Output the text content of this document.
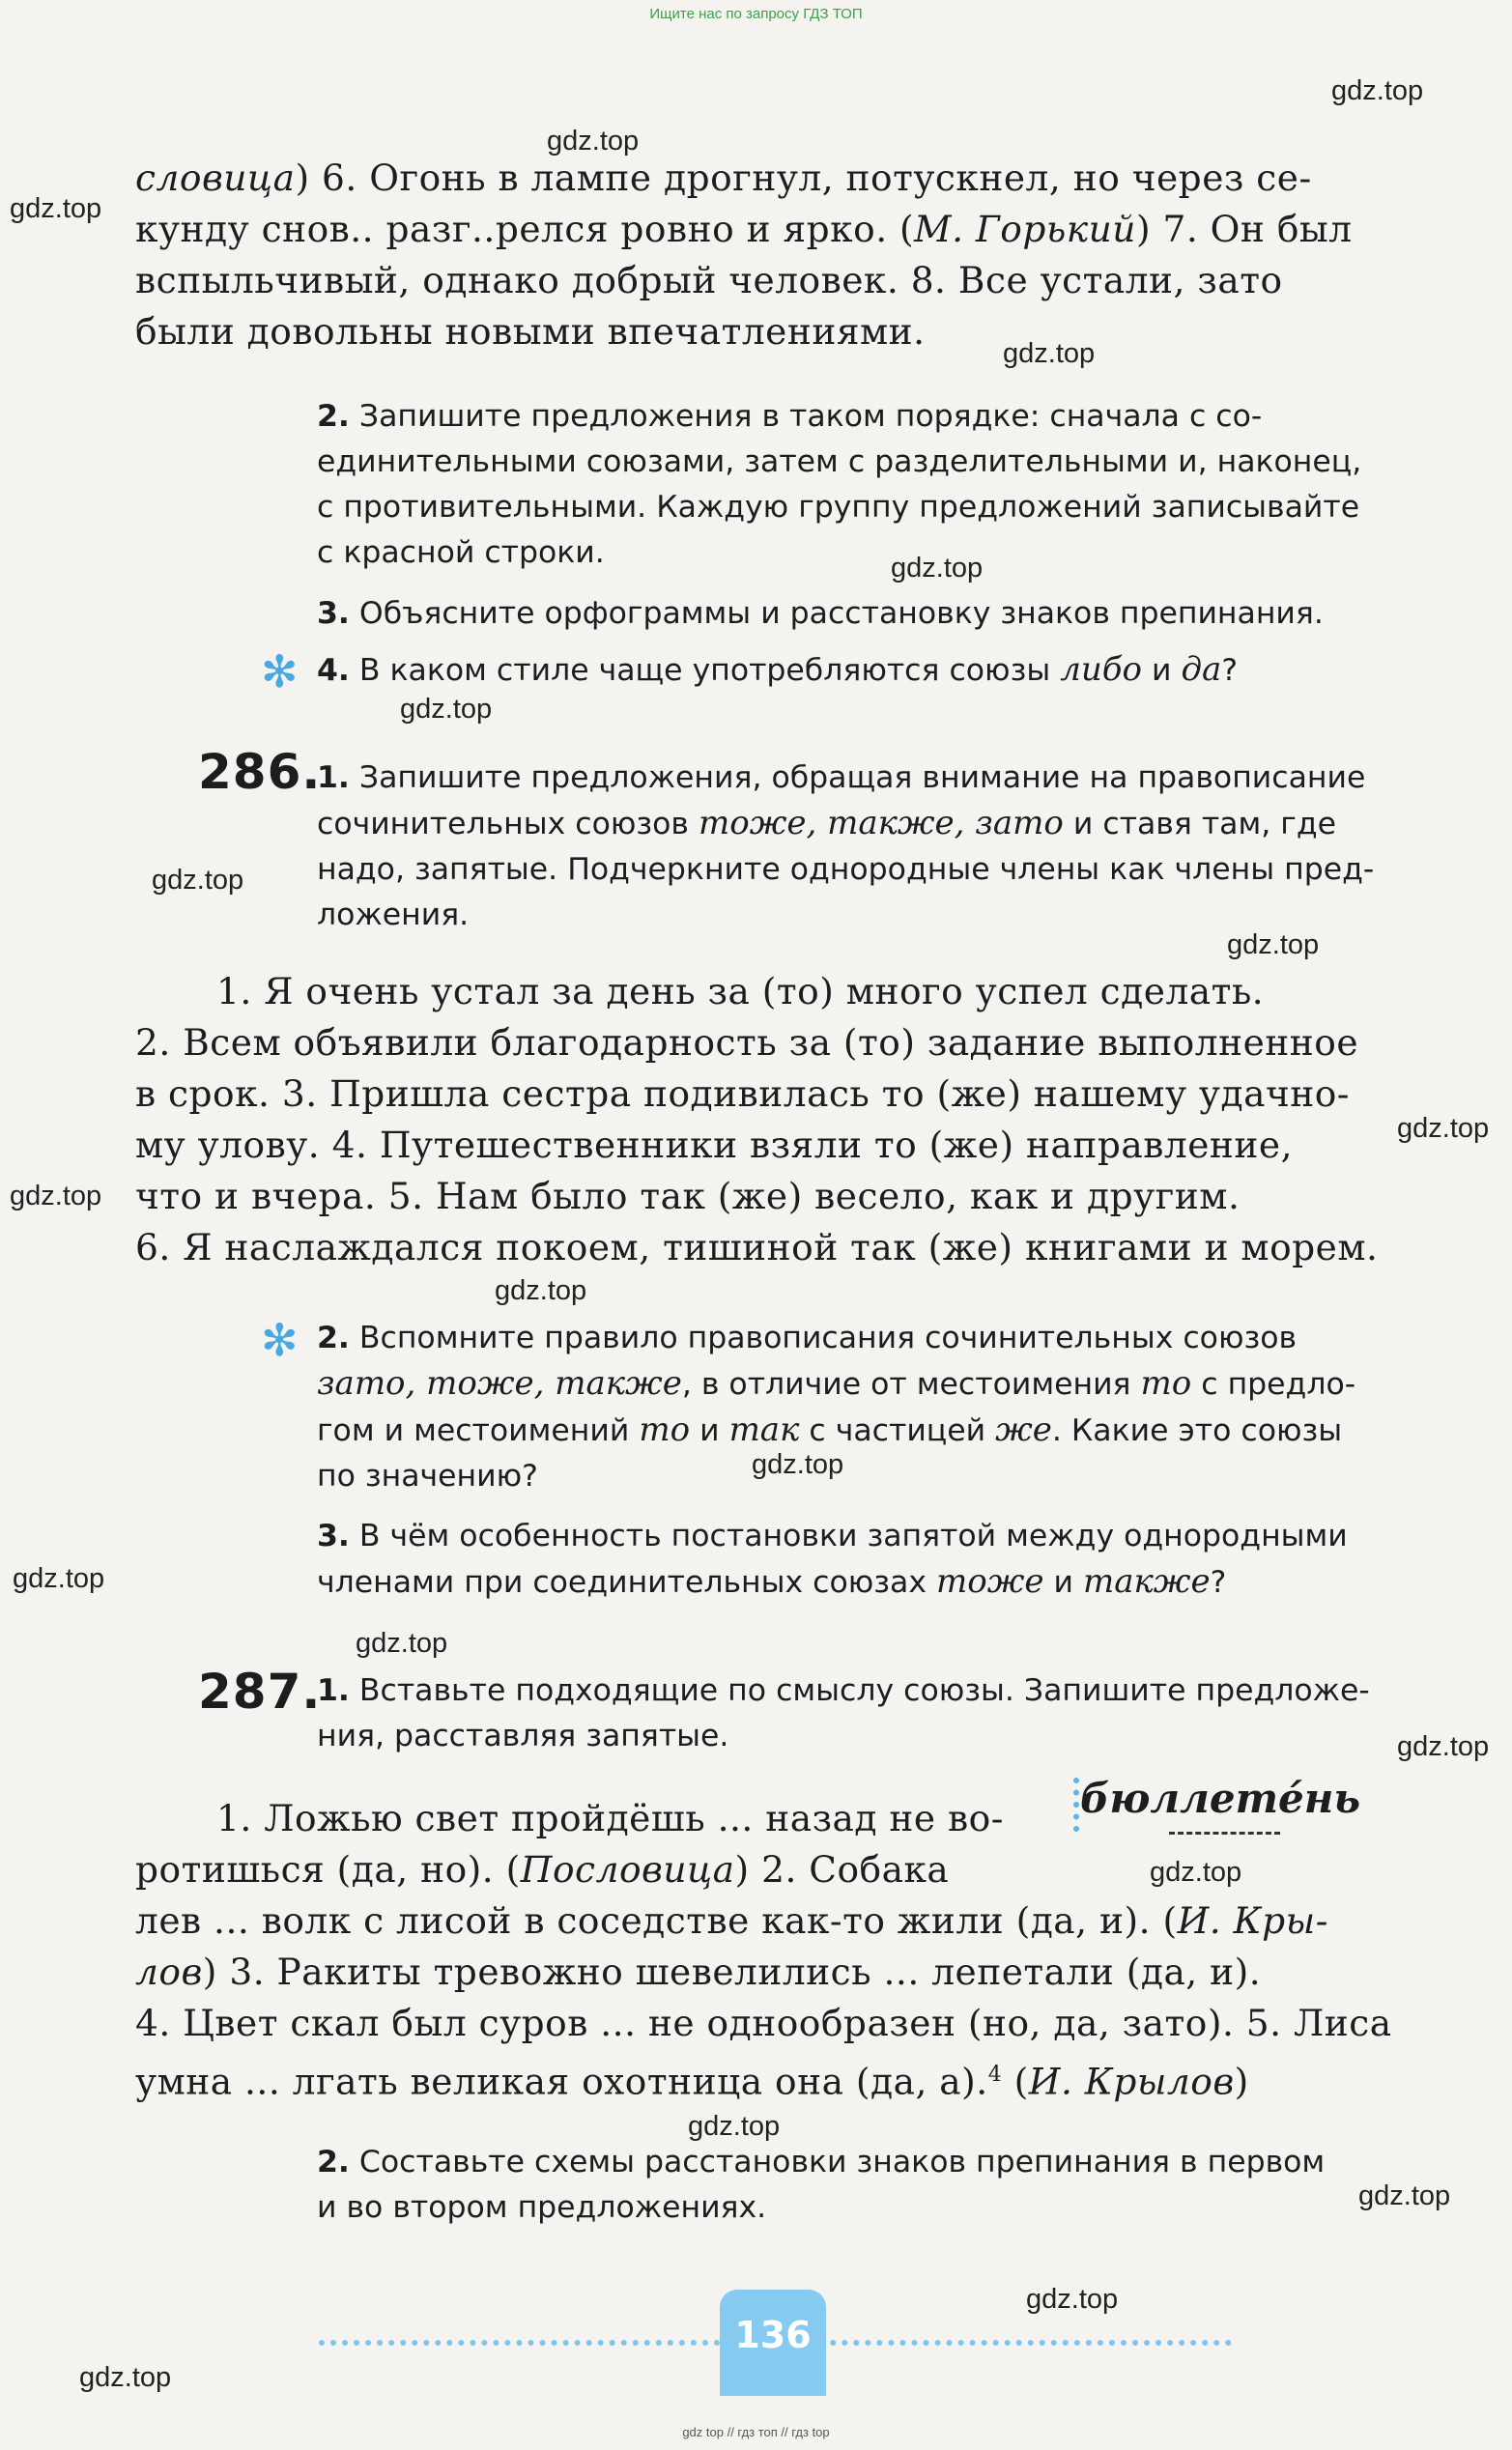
Ищите нас по запросу ГДЗ ТОП
словица) 6. Огонь в лампе дрогнул, потускнел, но через се-
кунду снов.. разг..релся ровно и ярко. (М. Горький) 7. Он был
вспыльчивый, однако добрый человек. 8. Все устали, зато
были довольны новыми впечатлениями.
2. Запишите предложения в таком порядке: сначала с со-
единительными союзами, затем с разделительными и, наконец,
с противительными. Каждую группу предложений записывайте
с красной строки.
3. Объясните орфограммы и расстановку знаков препинания.
✻ 4. В каком стиле чаще употребляются союзы либо и да?
286.
1. Запишите предложения, обращая внимание на правописание
сочинительных союзов тоже, также, зато и ставя там, где
надо, запятые. Подчеркните однородные члены как члены пред-
ложения.
1. Я очень устал за день за (то) много успел сделать.
2. Всем объявили благодарность за (то) задание выполненное
в срок. 3. Пришла сестра подивилась то (же) нашему удачно-
му улову. 4. Путешественники взяли то (же) направление,
что и вчера. 5. Нам было так (же) весело, как и другим.
6. Я наслаждался покоем, тишиной так (же) книгами и морем.
✻ 2. Вспомните правило правописания сочинительных союзов
зато, тоже, также, в отличие от местоимения то с предло-
гом и местоимений то и так с частицей же. Какие это союзы
по значению?
3. В чём особенность постановки запятой между однородными
членами при соединительных союзах тоже и также?
287.
1. Вставьте подходящие по смыслу союзы. Запишите предложе-
ния, расставляя запятые.
бюллетéнь
1. Ложью свет пройдёшь ... назад не во-
ротишься (да, но). (Пословица) 2. Собака
лев ... волк с лисой в соседстве как-то жили (да, и). (И. Кры-
лов) 3. Ракиты тревожно шевелились ... лепетали (да, и).
4. Цвет скал был суров ... не однообразен (но, да, зато). 5. Лиса
умна ... лгать великая охотница она (да, а).$^4$ (И. Крылов)
2. Составьте схемы расстановки знаков препинания в первом
и во втором предложениях.
136
gdz.top
gdz.top
gdz.top
gdz.top
gdz.top
gdz.top
gdz.top
gdz.top
gdz.top
gdz.top
gdz.top
gdz.top
gdz.top
gdz.top
gdz.top
gdz.top
gdz.top
gdz.top
gdz.top
gdz.top
gdz top // гдз топ // гдз top
